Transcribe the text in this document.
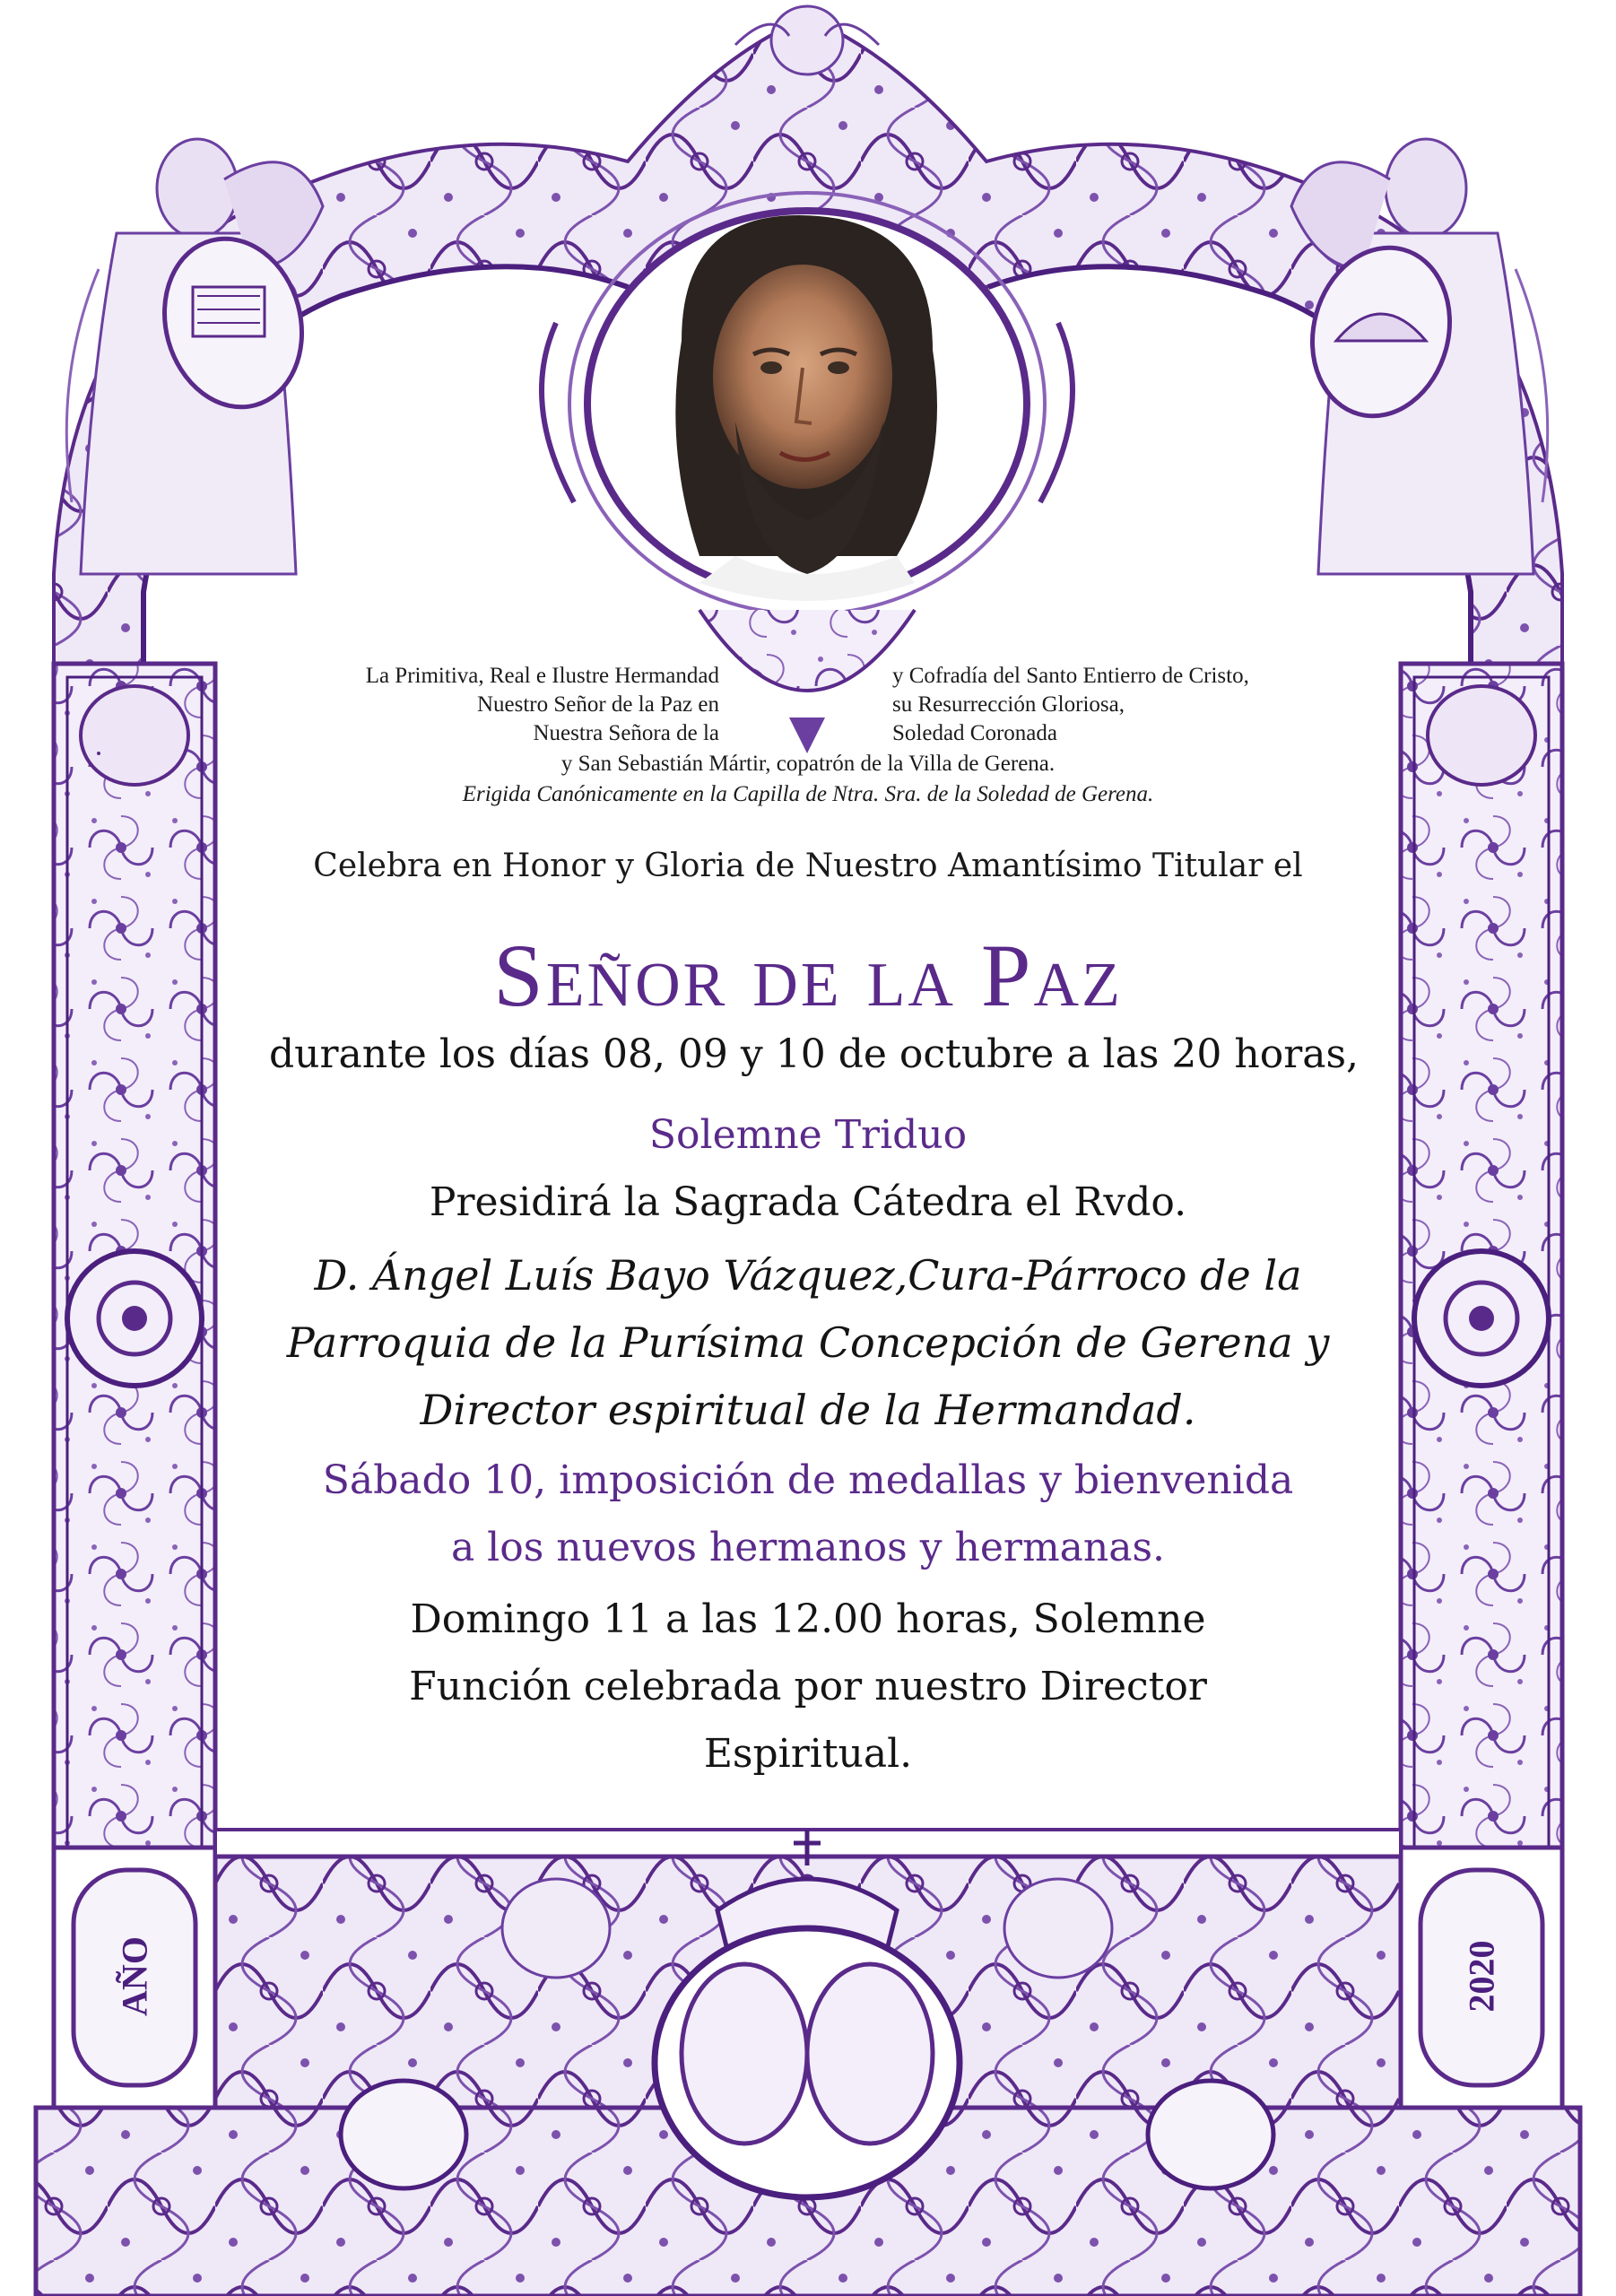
La Primitiva, Real e Ilustre Hermandad	y Cofradía del Santo Entierro de Cristo,
Nuestro Señor de la Paz en	su Resurrección Gloriosa,
Nuestra Señora de la	Soledad Coronada
y San Sebastián Mártir, copatrón de la Villa de Gerena.
Erigida Canónicamente en la Capilla de Ntra. Sra. de la Soledad de Gerena.
Celebra en Honor y Gloria de Nuestro Amantísimo Titular el
Señor de la Paz
durante los días 08, 09 y 10 de octubre a las 20 horas,
Solemne Triduo
Presidirá la Sagrada Cátedra el Rvdo.
D. Ángel Luís Bayo Vázquez,Cura-Párroco de la
Parroquia de la Purísima Concepción de Gerena y
Director espiritual de la Hermandad.
Sábado 10, imposición de medallas y bienvenida
a los nuevos hermanos y hermanas.
Domingo 11 a las 12.00 horas, Solemne
Función celebrada por nuestro Director
Espiritual.
AÑO	2020
